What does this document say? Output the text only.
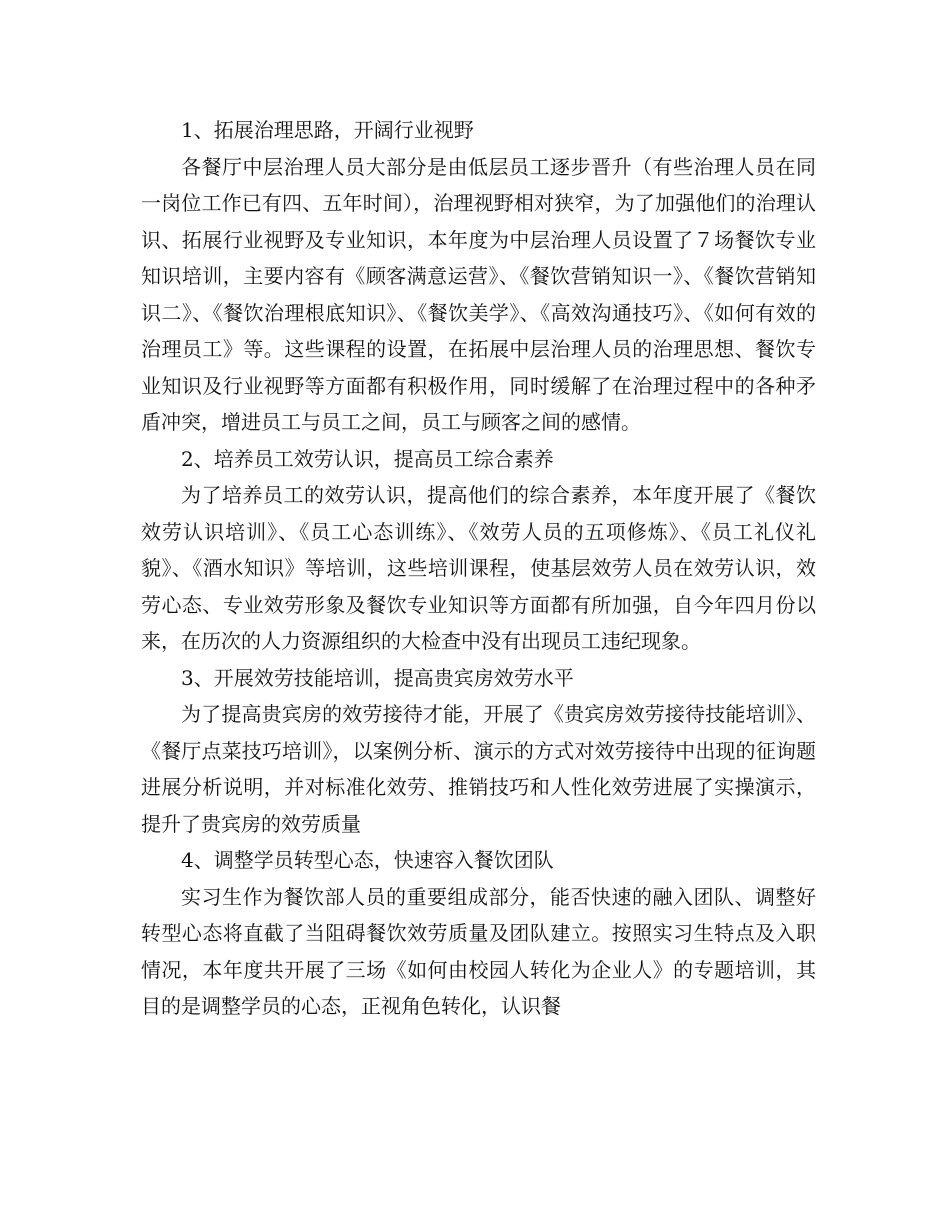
1、拓展治理思路，开阔行业视野

各餐厅中层治理人员大部分是由低层员工逐步晋升（有些治理人员在同一岗位工作已有四、五年时间），治理视野相对狭窄，为了加强他们的治理认识、拓展行业视野及专业知识，本年度为中层治理人员设置了７场餐饮专业知识培训，主要内容有《顾客满意运营》、《餐饮营销知识一》、《餐饮营销知识二》、《餐饮治理根底知识》、《餐饮美学》、《高效沟通技巧》、《如何有效的治理员工》等。这些课程的设置，在拓展中层治理人员的治理思想、餐饮专业知识及行业视野等方面都有积极作用，同时缓解了在治理过程中的各种矛盾冲突，增进员工与员工之间，员工与顾客之间的感情。

2、培养员工效劳认识，提高员工综合素养

为了培养员工的效劳认识，提高他们的综合素养，本年度开展了《餐饮效劳认识培训》、《员工心态训练》、《效劳人员的五项修炼》、《员工礼仪礼貌》、《酒水知识》等培训，这些培训课程，使基层效劳人员在效劳认识，效劳心态、专业效劳形象及餐饮专业知识等方面都有所加强，自今年四月份以来，在历次的人力资源组织的大检查中没有出现员工违纪现象。

3、开展效劳技能培训，提高贵宾房效劳水平

为了提高贵宾房的效劳接待才能，开展了《贵宾房效劳接待技能培训》、《餐厅点菜技巧培训》，以案例分析、演示的方式对效劳接待中出现的征询题进展分析说明，并对标准化效劳、推销技巧和人性化效劳进展了实操演示，提升了贵宾房的效劳质量

4、调整学员转型心态，快速容入餐饮团队

实习生作为餐饮部人员的重要组成部分，能否快速的融入团队、调整好转型心态将直截了当阻碍餐饮效劳质量及团队建立。按照实习生特点及入职情况，本年度共开展了三场《如何由校园人转化为企业人》的专题培训，其目的是调整学员的心态，正视角色转化，认识餐
